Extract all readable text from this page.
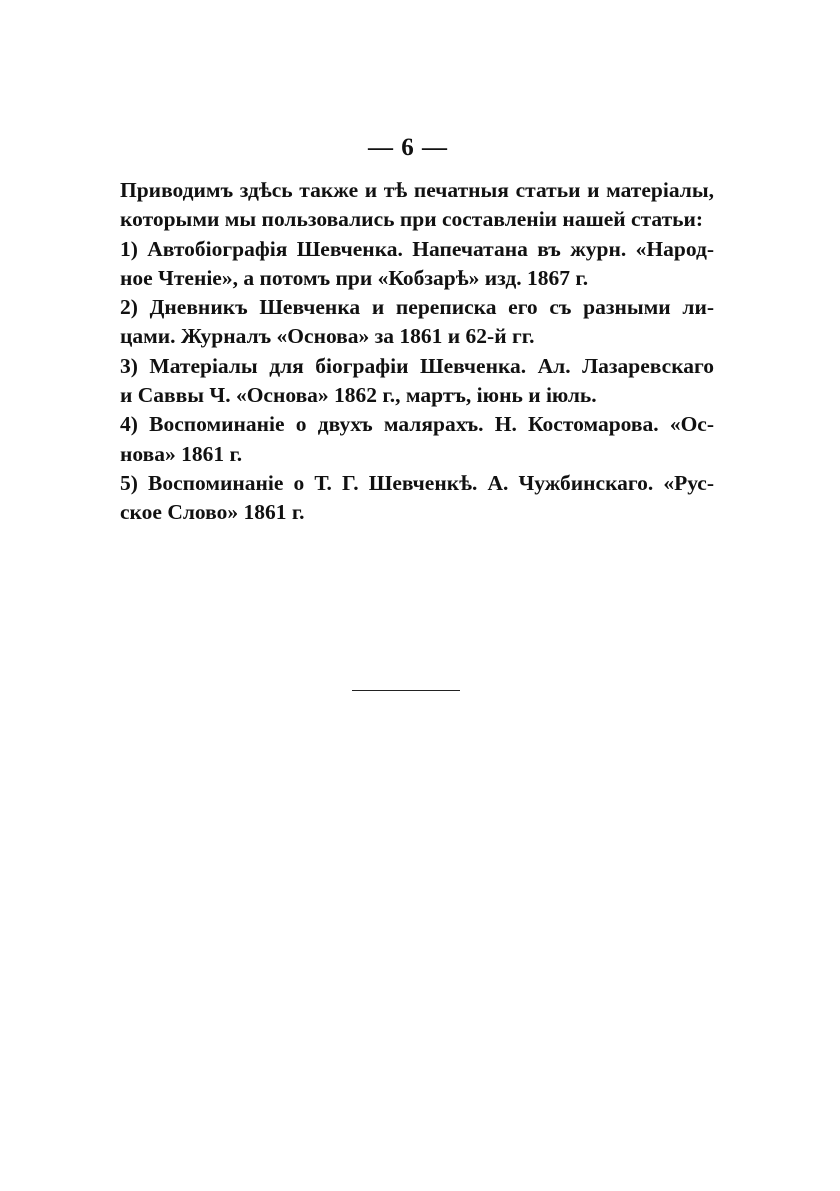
— 6 —
Приводимъ здѣсь также и тѣ печатныя статьи и матеріалы,
которыми мы пользовались при составленіи нашей статьи:
1) Автобіографія Шевченка. Напечатана въ журн. «Народ-
ное Чтеніе», а потомъ при «Кобзарѣ» изд. 1867 г.
2) Дневникъ Шевченка и переписка его съ разными ли-
цами. Журналъ «Основа» за 1861 и 62-й гг.
3) Матеріалы для біографіи Шевченка. Ал. Лазаревскаго
и Саввы Ч. «Основа» 1862 г., мартъ, іюнь и іюль.
4) Воспоминаніе о двухъ малярахъ. Н. Костомарова. «Ос-
нова» 1861 г.
5) Воспоминаніе о Т. Г. Шевченкѣ. А. Чужбинскаго. «Рус-
ское Слово» 1861 г.
